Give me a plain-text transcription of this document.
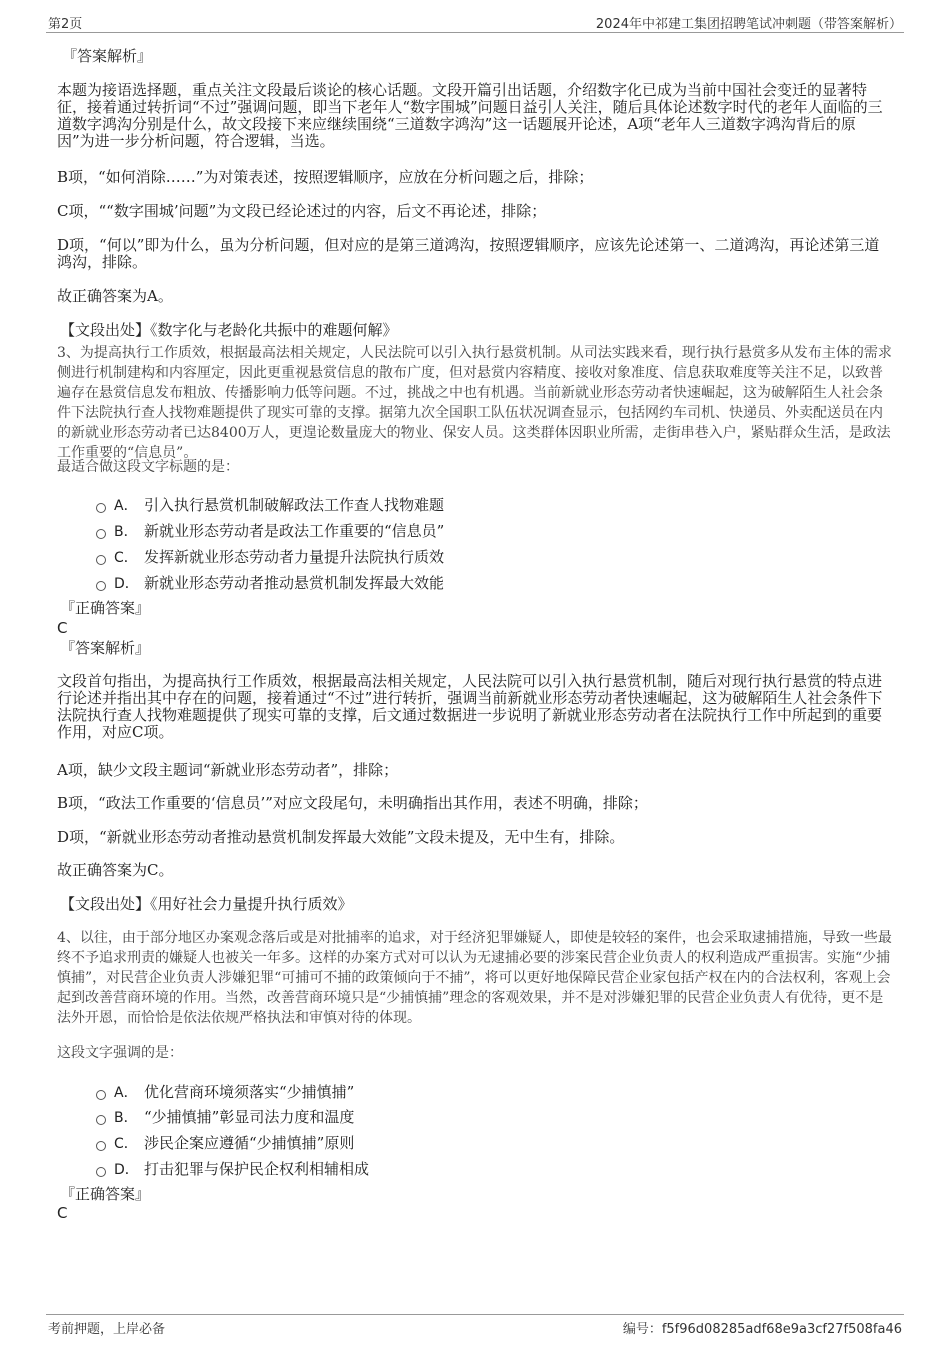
第2页	2024年中祁建工集团招聘笔试冲刺题（带答案解析）
『答案解析』

本题为接语选择题，重点关注文段最后谈论的核心话题。文段开篇引出话题，介绍数字化已成为当前中国社会变迁的显著特征，接着通过转折词“不过”强调问题，即当下老年人“数字围城”问题日益引人关注，随后具体论述数字时代的老年人面临的三道数字鸿沟分别是什么，故文段接下来应继续围绕“三道数字鸿沟”这一话题展开论述，A项“老年人三道数字鸿沟背后的原因”为进一步分析问题，符合逻辑，当选。

B项，“如何消除……”为对策表述，按照逻辑顺序，应放在分析问题之后，排除；

C项，““数字围城’问题”为文段已经论述过的内容，后文不再论述，排除；

D项，“何以”即为什么，虽为分析问题，但对应的是第三道鸿沟，按照逻辑顺序，应该先论述第一、二道鸿沟，再论述第三道鸿沟，排除。

故正确答案为A。

【文段出处】《数字化与老龄化共振中的难题何解》

3、为提高执行工作质效，根据最高法相关规定，人民法院可以引入执行悬赏机制。从司法实践来看，现行执行悬赏多从发布主体的需求侧进行机制建构和内容厘定，因此更重视悬赏信息的散布广度，但对悬赏内容精度、接收对象准度、信息获取难度等关注不足，以致普遍存在悬赏信息发布粗放、传播影响力低等问题。不过，挑战之中也有机遇。当前新就业形态劳动者快速崛起，这为破解陌生人社会条件下法院执行查人找物难题提供了现实可靠的支撑。据第九次全国职工队伍状况调查显示，包括网约车司机、快递员、外卖配送员在内的新就业形态劳动者已达8400万人，更遑论数量庞大的物业、保安人员。这类群体因职业所需，走街串巷入户，紧贴群众生活，是政法工作重要的“信息员”。

最适合做这段文字标题的是：

A． 引入执行悬赏机制破解政法工作查人找物难题
B． 新就业形态劳动者是政法工作重要的“信息员”
C． 发挥新就业形态劳动者力量提升法院执行质效
D． 新就业形态劳动者推动悬赏机制发挥最大效能
『正确答案』
C
『答案解析』

文段首句指出，为提高执行工作质效，根据最高法相关规定，人民法院可以引入执行悬赏机制，随后对现行执行悬赏的特点进行论述并指出其中存在的问题，接着通过“不过”进行转折，强调当前新就业形态劳动者快速崛起，这为破解陌生人社会条件下法院执行查人找物难题提供了现实可靠的支撑，后文通过数据进一步说明了新就业形态劳动者在法院执行工作中所起到的重要作用，对应C项。

A项，缺少文段主题词“新就业形态劳动者”，排除；

B项，“政法工作重要的‘信息员’”对应文段尾句，未明确指出其作用，表述不明确，排除；

D项，“新就业形态劳动者推动悬赏机制发挥最大效能”文段未提及，无中生有，排除。

故正确答案为C。

【文段出处】《用好社会力量提升执行质效》

4、以往，由于部分地区办案观念落后或是对批捕率的追求，对于经济犯罪嫌疑人，即使是较轻的案件，也会采取逮捕措施，导致一些最终不予追求刑责的嫌疑人也被关一年多。这样的办案方式对可以认为无逮捕必要的涉案民营企业负责人的权利造成严重损害。实施“少捕慎捕”，对民营企业负责人涉嫌犯罪“可捕可不捕的政策倾向于不捕”，将可以更好地保障民营企业家包括产权在内的合法权利，客观上会起到改善营商环境的作用。当然，改善营商环境只是“少捕慎捕”理念的客观效果，并不是对涉嫌犯罪的民营企业负责人有优待，更不是法外开恩，而恰恰是依法依规严格执法和审慎对待的体现。

这段文字强调的是：

A． 优化营商环境须落实“少捕慎捕”
B． “少捕慎捕”彰显司法力度和温度
C． 涉民企案应遵循“少捕慎捕”原则
D． 打击犯罪与保护民企权利相辅相成
『正确答案』
C
考前押题，上岸必备	编号：f5f96d08285adf68e9a3cf27f508fa46
